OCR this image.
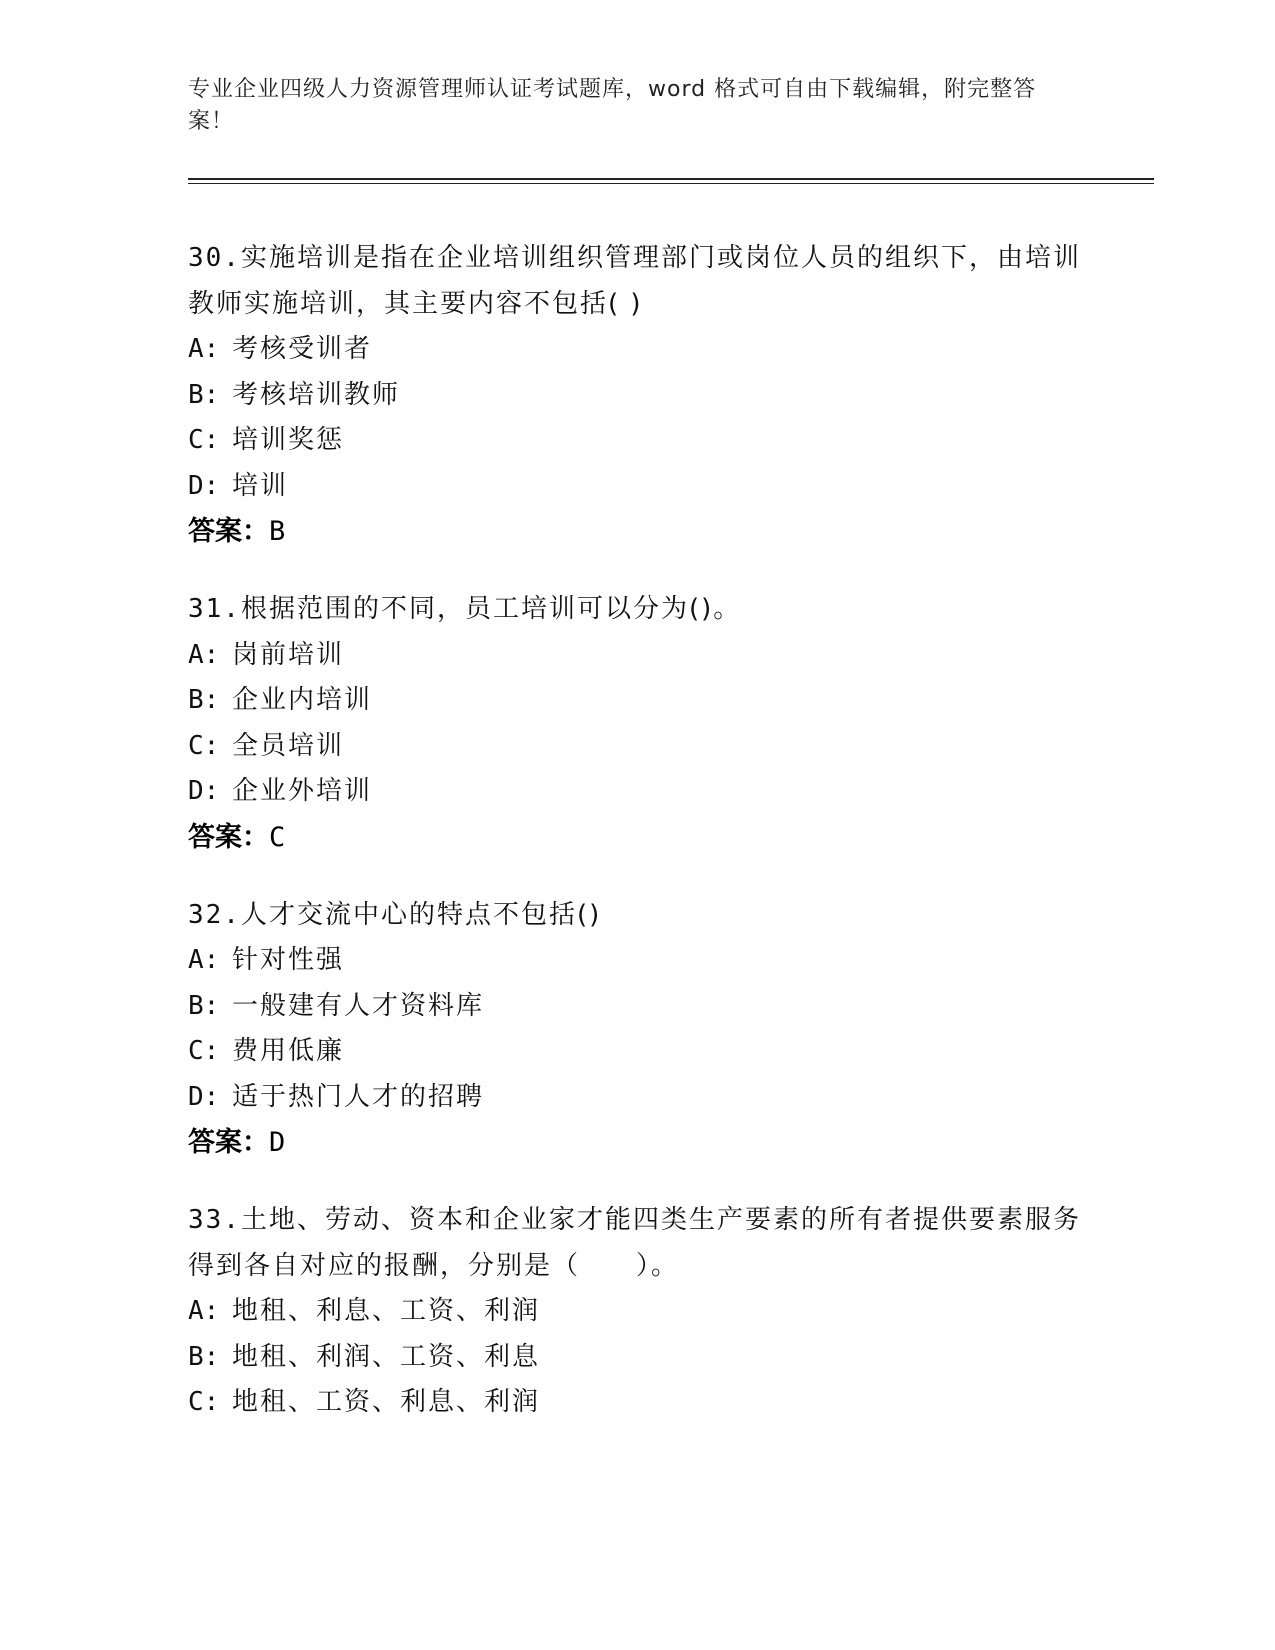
专业企业四级人力资源管理师认证考试题库，word 格式可自由下载编辑，附完整答案！
30.实施培训是指在企业培训组织管理部门或岗位人员的组织下，由培训教师实施培训，其主要内容不包括( )
A: 考核受训者
B: 考核培训教师
C: 培训奖惩
D: 培训
答案：B
31.根据范围的不同，员工培训可以分为()。
A: 岗前培训
B: 企业内培训
C: 全员培训
D: 企业外培训
答案：C
32.人才交流中心的特点不包括()
A: 针对性强
B: 一般建有人才资料库
C: 费用低廉
D: 适于热门人才的招聘
答案：D
33.土地、劳动、资本和企业家才能四类生产要素的所有者提供要素服务得到各自对应的报酬，分别是（　　）。
A: 地租、利息、工资、利润
B: 地租、利润、工资、利息
C: 地租、工资、利息、利润
